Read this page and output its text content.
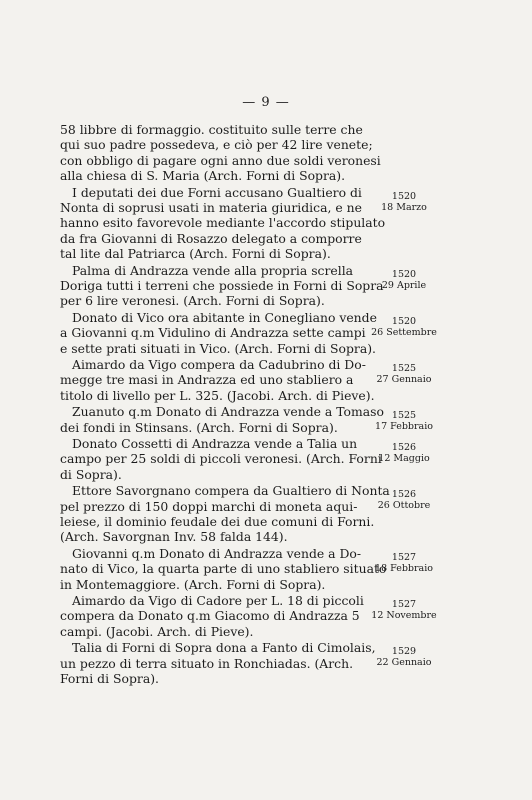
— 9 —
58 libbre di formaggio. costituito sulle terre che
qui suo padre possedeva, e ciò per 42 lire venete;
con obbligo di pagare ogni anno due soldi veronesi
alla chiesa di S. Maria (Arch. Forni di Sopra).
I deputati dei due Forni accusano Gualtiero di
Nonta di soprusi usati in materia giuridica, e ne
hanno esito favorevole mediante l'accordo stipulato
da fra Giovanni di Rosazzo delegato a comporre
tal lite dal Patriarca (Arch. Forni di Sopra).
1520
18 Marzo
Palma di Andrazza vende alla propria scrella
Doriga tutti i terreni che possiede in Forni di Sopra
per 6 lire veronesi. (Arch. Forni di Sopra).
1520
29 Aprile
Donato di Vico ora abitante in Conegliano vende
a Giovanni q.m Vidulino di Andrazza sette campi
e sette prati situati in Vico. (Arch. Forni di Sopra).
1520
26 Settembre
Aimardo da Vigo compera da Cadubrino di Do-
megge tre masi in Andrazza ed uno stabliero a
titolo di livello per L. 325. (Jacobi. Arch. di Pieve).
1525
27 Gennaio
Zuanuto q.m Donato di Andrazza vende a Tomaso
dei fondi in Stinsans. (Arch. Forni di Sopra).
1525
17 Febbraio
Donato Cossetti di Andrazza vende a Talia un
campo per 25 soldi di piccoli veronesi. (Arch. Forni
di Sopra).
1526
12 Maggio
Ettore Savorgnano compera da Gualtiero di Nonta
pel prezzo di 150 doppi marchi di moneta aqui-
leiese, il dominio feudale dei due comuni di Forni.
(Arch. Savorgnan Inv. 58 falda 144).
1526
26 Ottobre
Giovanni q.m Donato di Andrazza vende a Do-
nato di Vico, la quarta parte di uno stabliero situato
in Montemaggiore. (Arch. Forni di Sopra).
1527
18 Febbraio
Aimardo da Vigo di Cadore per L. 18 di piccoli
compera da Donato q.m Giacomo di Andrazza 5
campi. (Jacobi. Arch. di Pieve).
1527
12 Novembre
Talia di Forni di Sopra dona a Fanto di Cimolais,
un pezzo di terra situato in Ronchiadas. (Arch.
Forni di Sopra).
1529
22 Gennaio
